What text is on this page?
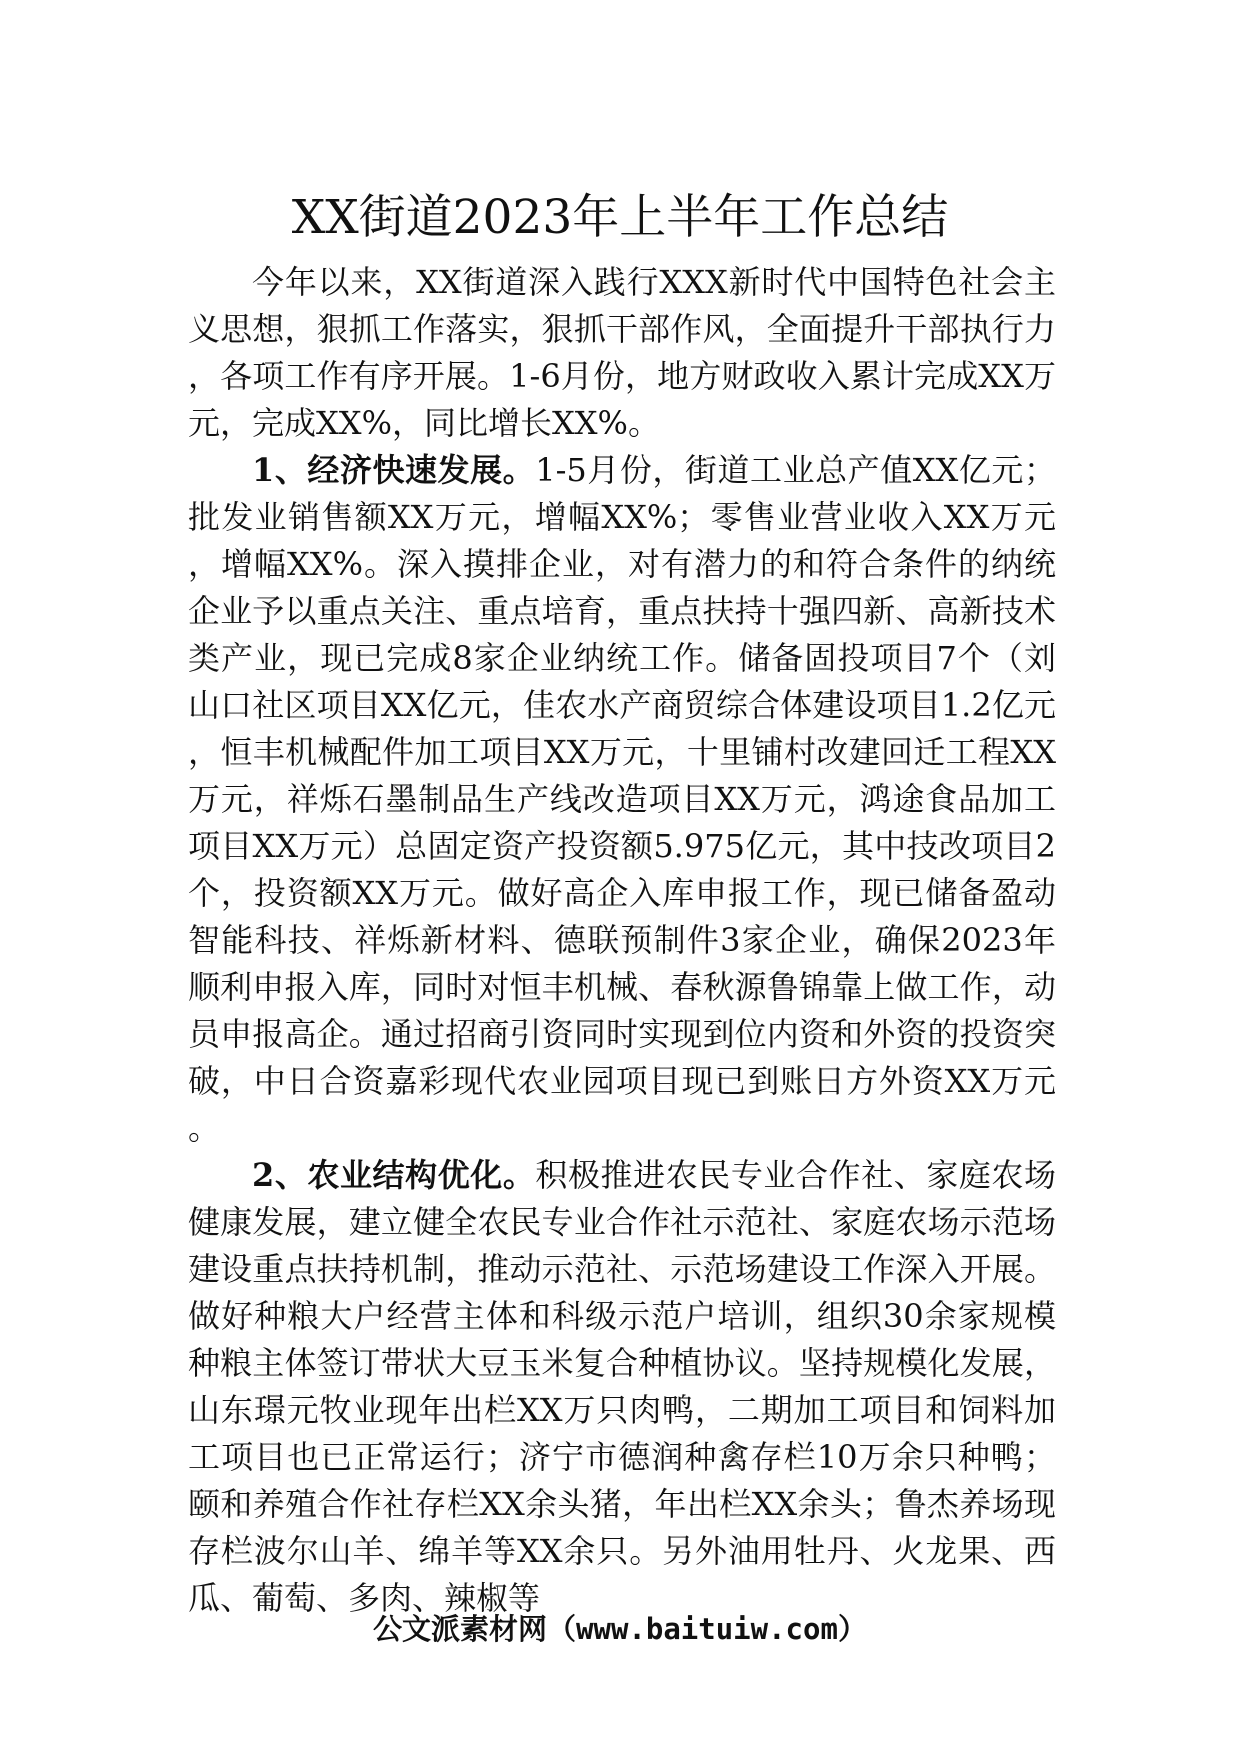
XX街道2023年上半年工作总结

今年以来，XX街道深入践行XXX新时代中国特色社会主义思想，狠抓工作落实，狠抓干部作风，全面提升干部执行力，各项工作有序开展。1-6月份，地方财政收入累计完成XX万元，完成XX%，同比增长XX%。

1、经济快速发展。1-5月份，街道工业总产值XX亿元；批发业销售额XX万元，增幅XX%；零售业营业收入XX万元，增幅XX%。深入摸排企业，对有潜力的和符合条件的纳统企业予以重点关注、重点培育，重点扶持十强四新、高新技术类产业，现已完成8家企业纳统工作。储备固投项目7个（刘山口社区项目XX亿元，佳农水产商贸综合体建设项目1.2亿元，恒丰机械配件加工项目XX万元，十里铺村改建回迁工程XX万元，祥烁石墨制品生产线改造项目XX万元，鸿途食品加工项目XX万元）总固定资产投资额5.975亿元，其中技改项目2个，投资额XX万元。做好高企入库申报工作，现已储备盈动智能科技、祥烁新材料、德联预制件3家企业，确保2023年顺利申报入库，同时对恒丰机械、春秋源鲁锦靠上做工作，动员申报高企。通过招商引资同时实现到位内资和外资的投资突破，中日合资嘉彩现代农业园项目现已到账日方外资XX万元。

2、农业结构优化。积极推进农民专业合作社、家庭农场健康发展，建立健全农民专业合作社示范社、家庭农场示范场建设重点扶持机制，推动示范社、示范场建设工作深入开展。做好种粮大户经营主体和科级示范户培训，组织30余家规模种粮主体签订带状大豆玉米复合种植协议。坚持规模化发展，山东璟元牧业现年出栏XX万只肉鸭，二期加工项目和饲料加工项目也已正常运行；济宁市德润种禽存栏10万余只种鸭；颐和养殖合作社存栏XX余头猪，年出栏XX余头；鲁杰养场现存栏波尔山羊、绵羊等XX余只。另外油用牡丹、火龙果、西瓜、葡萄、多肉、辣椒等

公文派素材网（www.baituiw.com）
